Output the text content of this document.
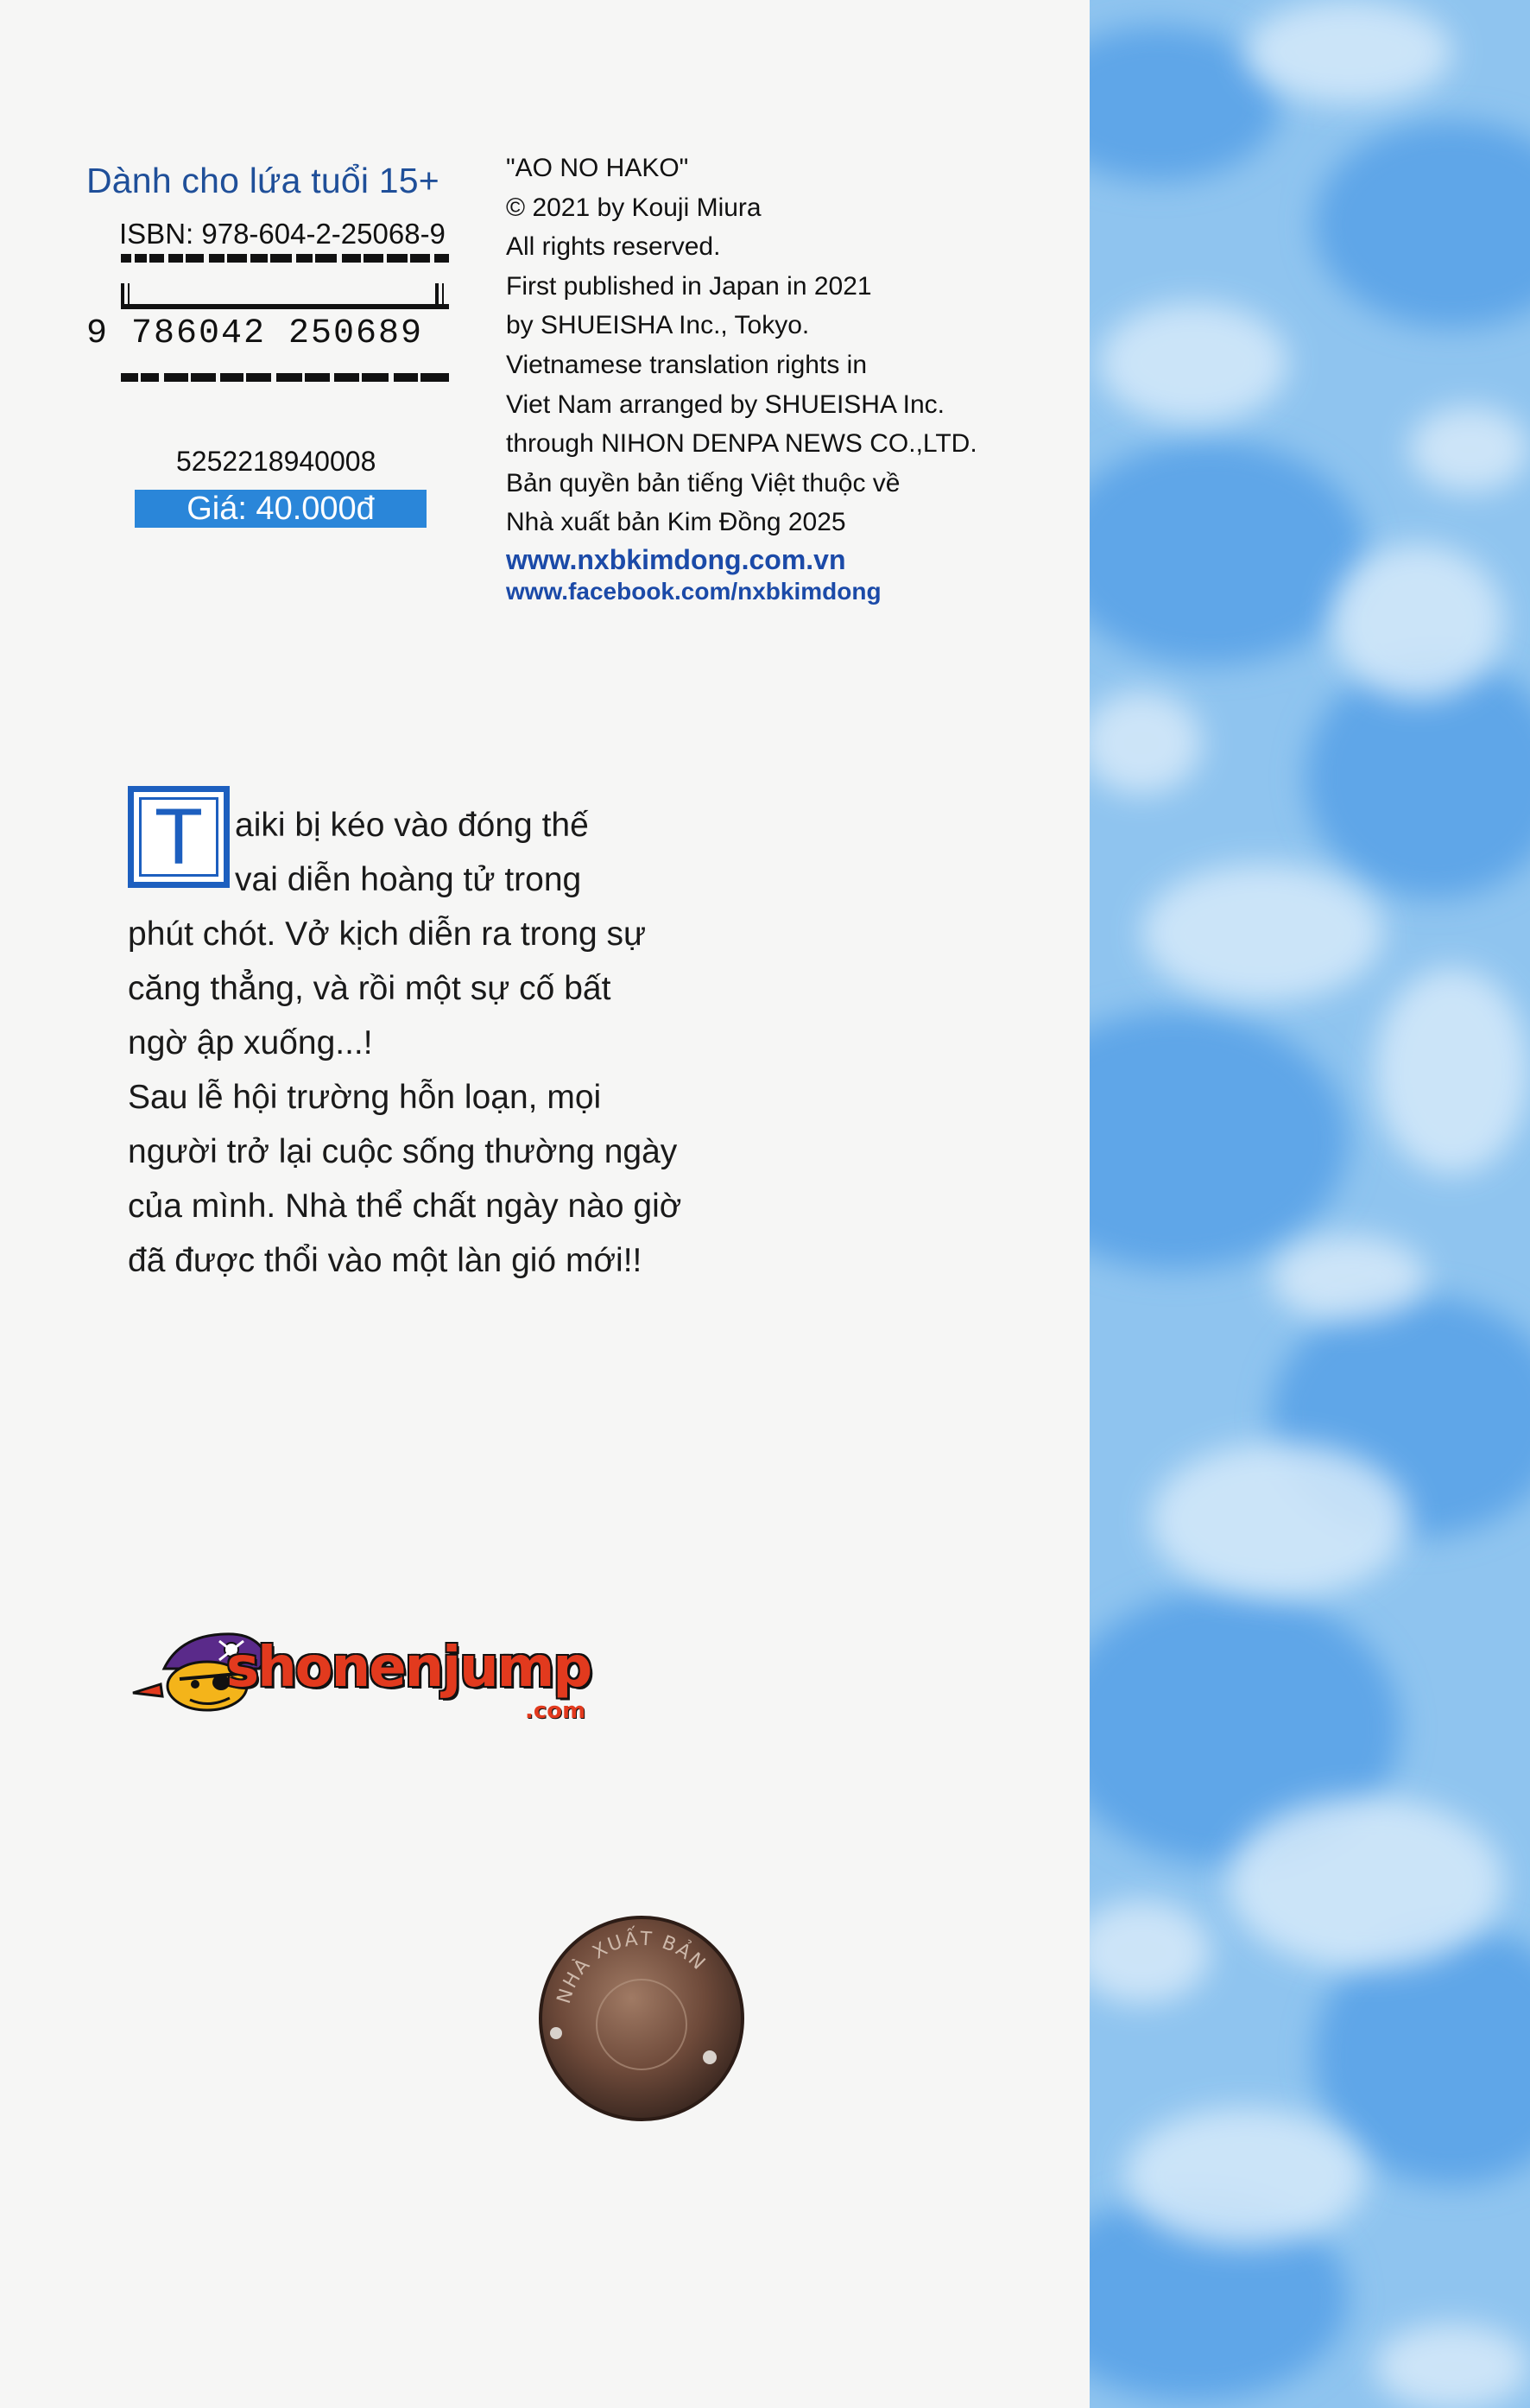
Dành cho lứa tuổi 15+
ISBN: 978-604-2-25068-9
9 786042 250689
5252218940008
Giá: 40.000đ
"AO NO HAKO"
© 2021 by Kouji Miura
All rights reserved.
First published in Japan in 2021
by SHUEISHA Inc., Tokyo.
Vietnamese translation rights in
Viet Nam arranged by SHUEISHA Inc.
through NIHON DENPA NEWS CO.,LTD.
Bản quyền bản tiếng Việt thuộc về
Nhà xuất bản Kim Đồng 2025
www.nxbkimdong.com.vn
www.facebook.com/nxbkimdong
T aiki bị kéo vào đóng thế
vai diễn hoàng tử trong
phút chót. Vở kịch diễn ra trong sự
căng thẳng, và rồi một sự cố bất
ngờ ập xuống...!
Sau lễ hội trường hỗn loạn, mọi
người trở lại cuộc sống thường ngày
của mình. Nhà thể chất ngày nào giờ
đã được thổi vào một làn gió mới!!
shonenjump
.com
NHÀ XUẤT BẢN
